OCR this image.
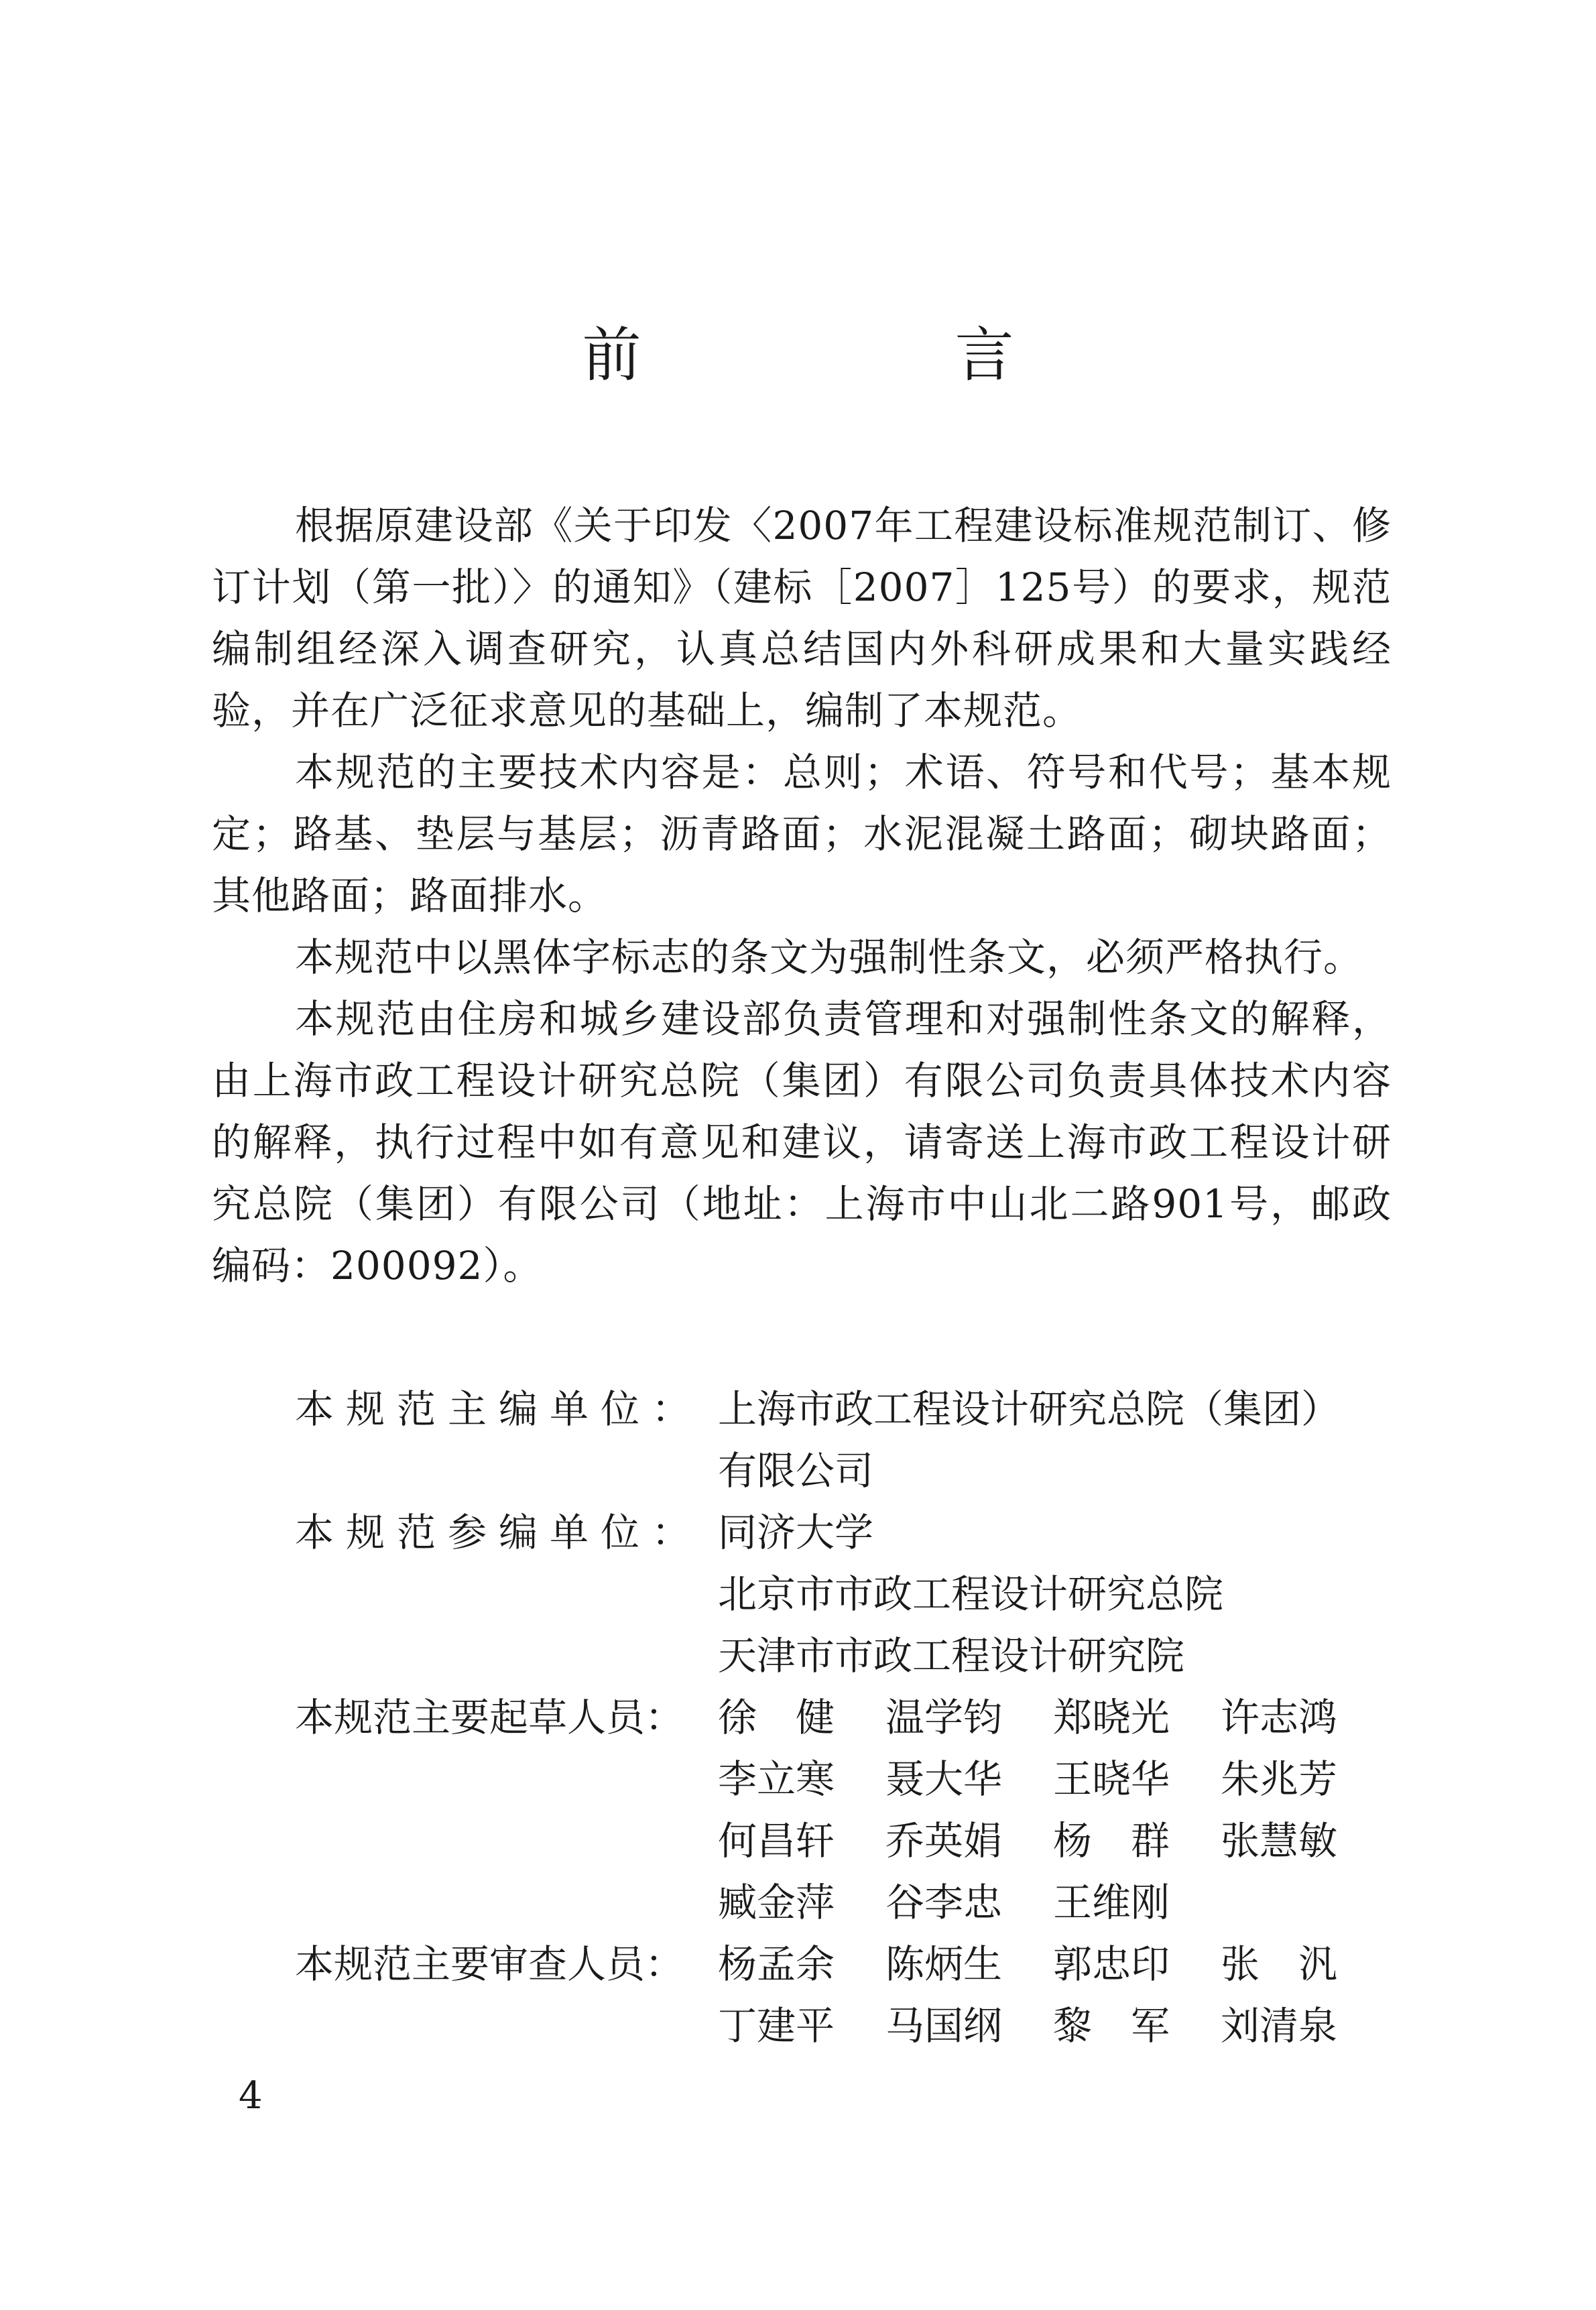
前　言

根据原建设部《关于印发〈2007年工程建设标准规范制订、修订计划（第一批）〉的通知》（建标［2007］125号）的要求，规范编制组经深入调查研究，认真总结国内外科研成果和大量实践经验，并在广泛征求意见的基础上，编制了本规范。

本规范的主要技术内容是：总则；术语、符号和代号；基本规定；路基、垫层与基层；沥青路面；水泥混凝土路面；砌块路面；其他路面；路面排水。

本规范中以黑体字标志的条文为强制性条文，必须严格执行。

本规范由住房和城乡建设部负责管理和对强制性条文的解释，由上海市政工程设计研究总院（集团）有限公司负责具体技术内容的解释，执行过程中如有意见和建议，请寄送上海市政工程设计研究总院（集团）有限公司（地址：上海市中山北二路901号，邮政编码：200092）。

本规范主编单位： 上海市政工程设计研究总院（集团）
有限公司
本规范参编单位： 同济大学
北京市市政工程设计研究总院
天津市市政工程设计研究院
本规范主要起草人员： 徐　健	温学钧	郑晓光	许志鸿
李立寒	聂大华	王晓华	朱兆芳
何昌轩	乔英娟	杨　群	张慧敏
臧金萍	谷李忠	王维刚
本规范主要审查人员： 杨孟余	陈炳生	郭忠印	张　汎
丁建平	马国纲	黎　军	刘清泉
4
